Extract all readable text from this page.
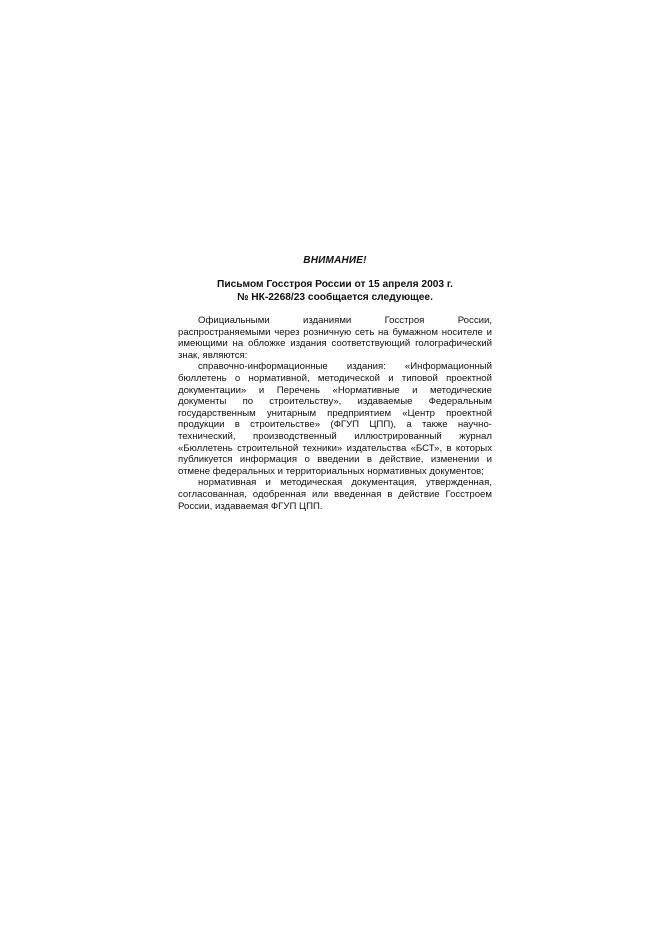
ВНИМАНИЕ!
Письмом Госстроя России от 15 апреля 2003 г.
№ НК-2268/23 сообщается следующее.

Официальными изданиями Госстроя России, распространяемыми через розничную сеть на бумажном носителе и имеющими на обложке издания соответствующий голографический знак, являются:

справочно-информационные издания: «Информационный бюллетень о нормативной, методической и типовой проектной документации» и Перечень «Нормативные и методические документы по строительству», издаваемые Федеральным государственным унитарным предприятием «Центр проектной продукции в строительстве» (ФГУП ЦПП), а также научно-технический, производственный иллюстрированный журнал «Бюллетень строительной техники» издательства «БСТ», в которых публикуется информация о введении в действие, изменении и отмене федеральных и территориальных нормативных документов;

нормативная и методическая документация, утвержденная, согласованная, одобренная или введенная в действие Госстроем России, издаваемая ФГУП ЦПП.
